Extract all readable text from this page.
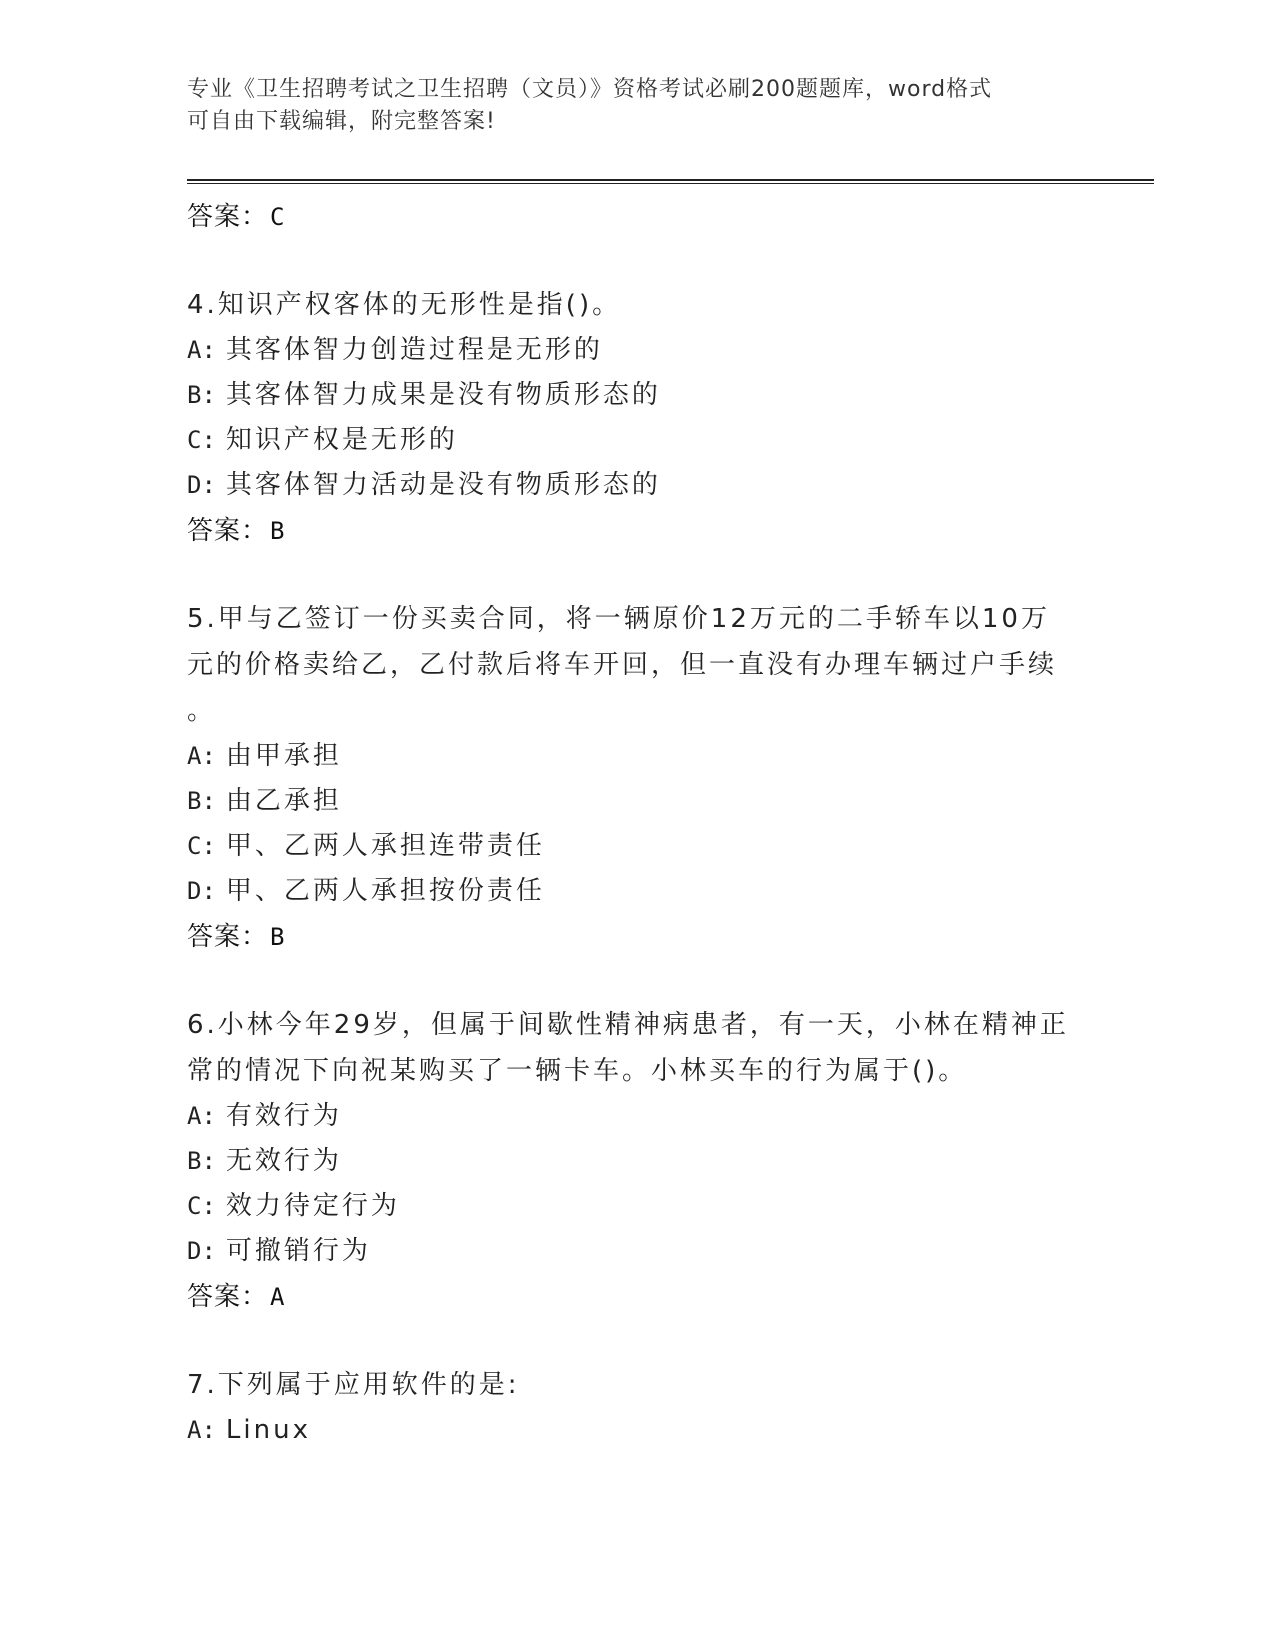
专业《卫生招聘考试之卫生招聘（文员）》资格考试必刷200题题库，word格式
可自由下载编辑，附完整答案!
答案：C
4.知识产权客体的无形性是指()。
A: 其客体智力创造过程是无形的
B: 其客体智力成果是没有物质形态的
C: 知识产权是无形的
D: 其客体智力活动是没有物质形态的
答案：B
5.甲与乙签订一份买卖合同，将一辆原价12万元的二手轿车以10万
元的价格卖给乙，乙付款后将车开回，但一直没有办理车辆过户手续
。
A: 由甲承担
B: 由乙承担
C: 甲、乙两人承担连带责任
D: 甲、乙两人承担按份责任
答案：B
6.小林今年29岁，但属于间歇性精神病患者，有一天，小林在精神正
常的情况下向祝某购买了一辆卡车。小林买车的行为属于()。
A: 有效行为
B: 无效行为
C: 效力待定行为
D: 可撤销行为
答案：A
7.下列属于应用软件的是:
A: Linux
